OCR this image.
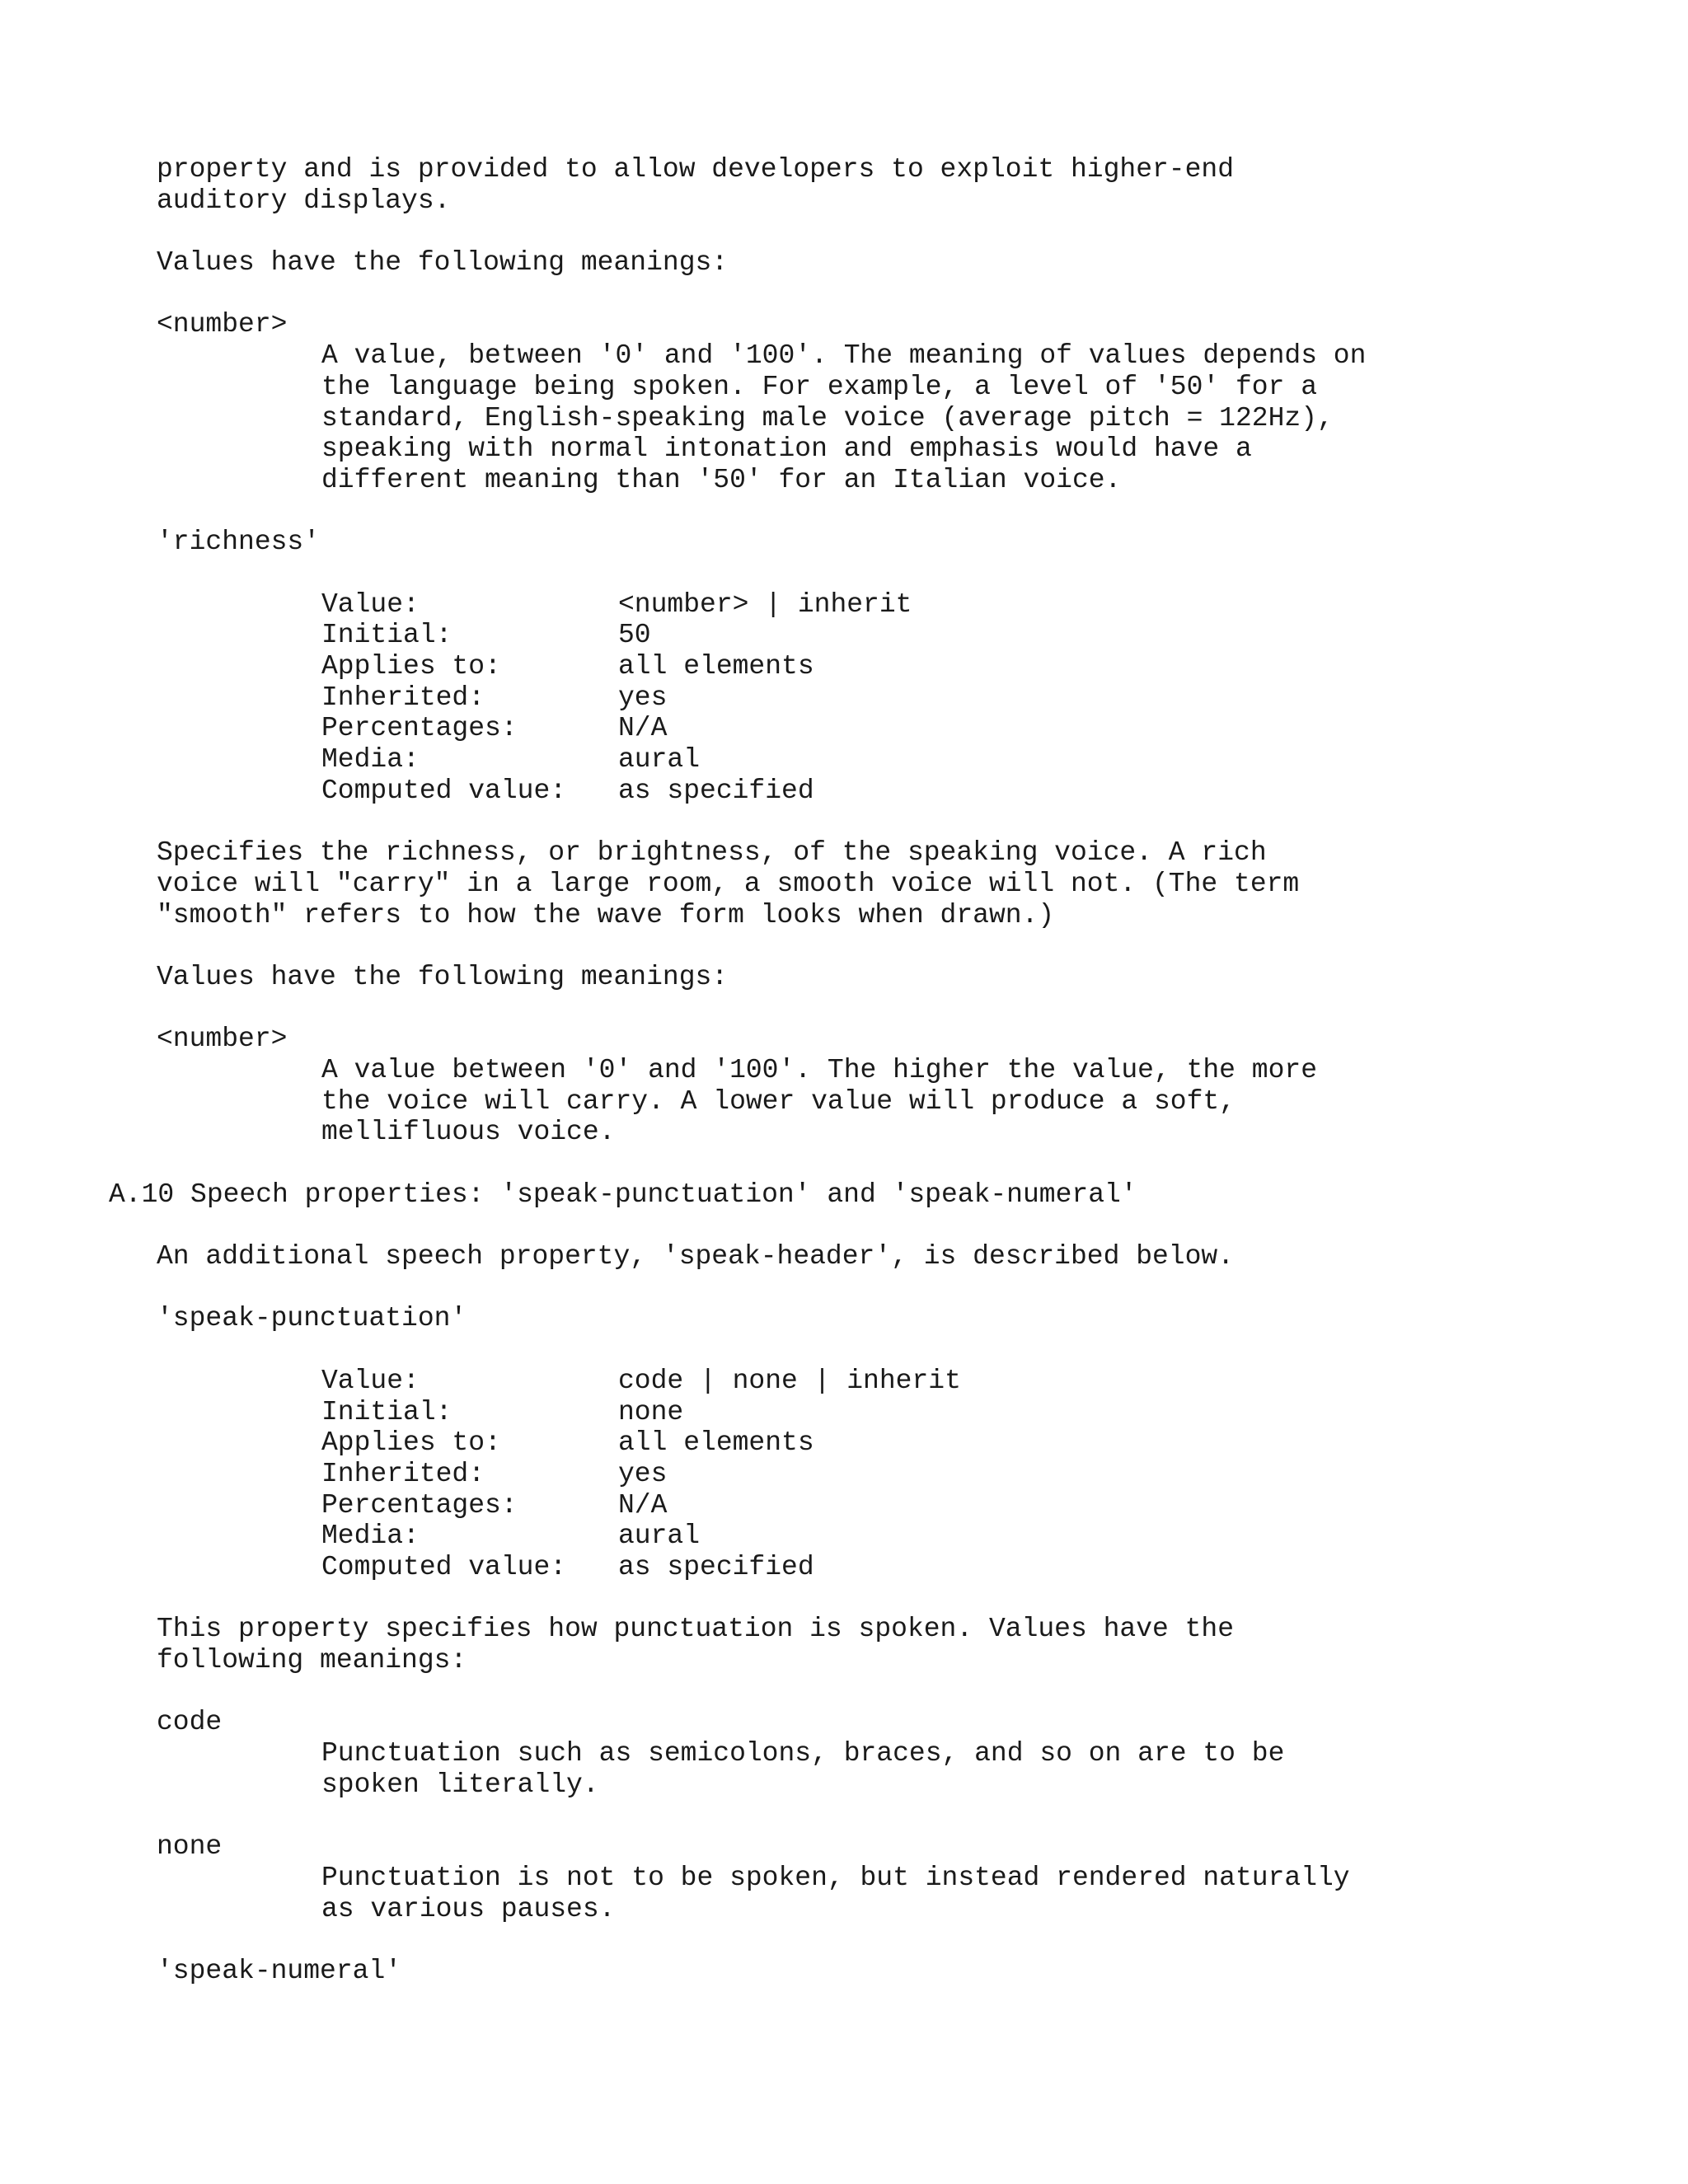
property and is provided to allow developers to exploit higher-end
auditory displays.
Values have the following meanings:
<number>
A value, between '0' and '100'. The meaning of values depends on
the language being spoken. For example, a level of '50' for a
standard, English-speaking male voice (average pitch = 122Hz),
speaking with normal intonation and emphasis would have a
different meaning than '50' for an Italian voice.
'richness'
Value:	<number> | inherit
Initial:	50
Applies to:	all elements
Inherited:	yes
Percentages:	N/A
Media:	aural
Computed value:	as specified
Specifies the richness, or brightness, of the speaking voice. A rich
voice will "carry" in a large room, a smooth voice will not. (The term
"smooth" refers to how the wave form looks when drawn.)
Values have the following meanings:
<number>
A value between '0' and '100'. The higher the value, the more
the voice will carry. A lower value will produce a soft,
mellifluous voice.
A.10 Speech properties: 'speak-punctuation' and 'speak-numeral'
An additional speech property, 'speak-header', is described below.
'speak-punctuation'
Value:	code | none | inherit
Initial:	none
Applies to:	all elements
Inherited:	yes
Percentages:	N/A
Media:	aural
Computed value:	as specified
This property specifies how punctuation is spoken. Values have the
following meanings:
code
Punctuation such as semicolons, braces, and so on are to be
spoken literally.
none
Punctuation is not to be spoken, but instead rendered naturally
as various pauses.
'speak-numeral'
